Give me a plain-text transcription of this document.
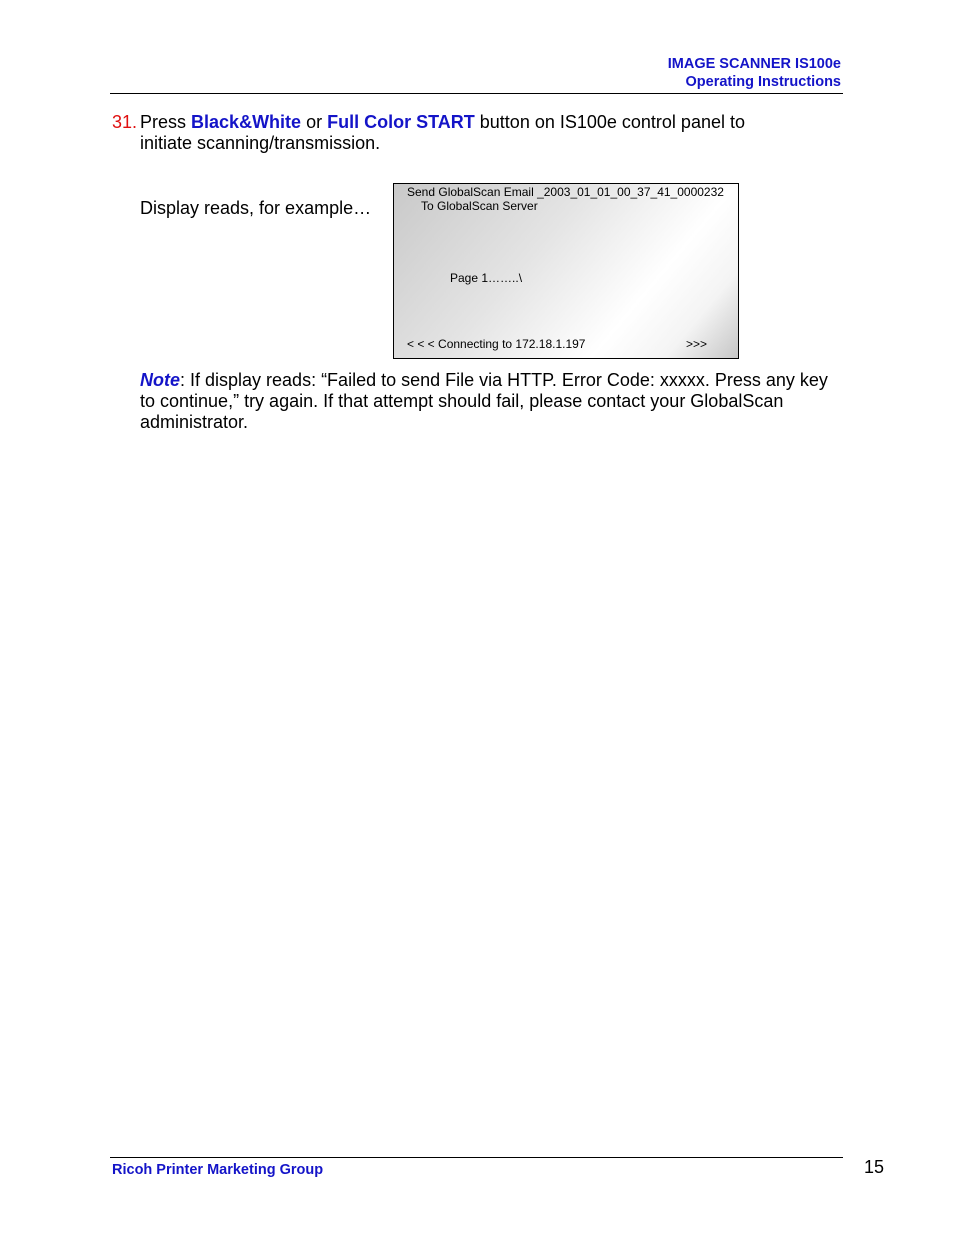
IMAGE SCANNER IS100e
Operating Instructions
31. Press Black&White or Full Color START button on IS100e control panel to
initiate scanning/transmission.
Display reads, for example…
Send GlobalScan Email _2003_01_01_00_37_41_0000232
To GlobalScan Server
Page 1……..\
< < < Connecting to 172.18.1.197	>>>
Note: If display reads: “Failed to send File via HTTP. Error Code: xxxxx. Press any key to continue,” try again. If that attempt should fail, please contact your GlobalScan administrator.
Ricoh Printer Marketing Group	15
